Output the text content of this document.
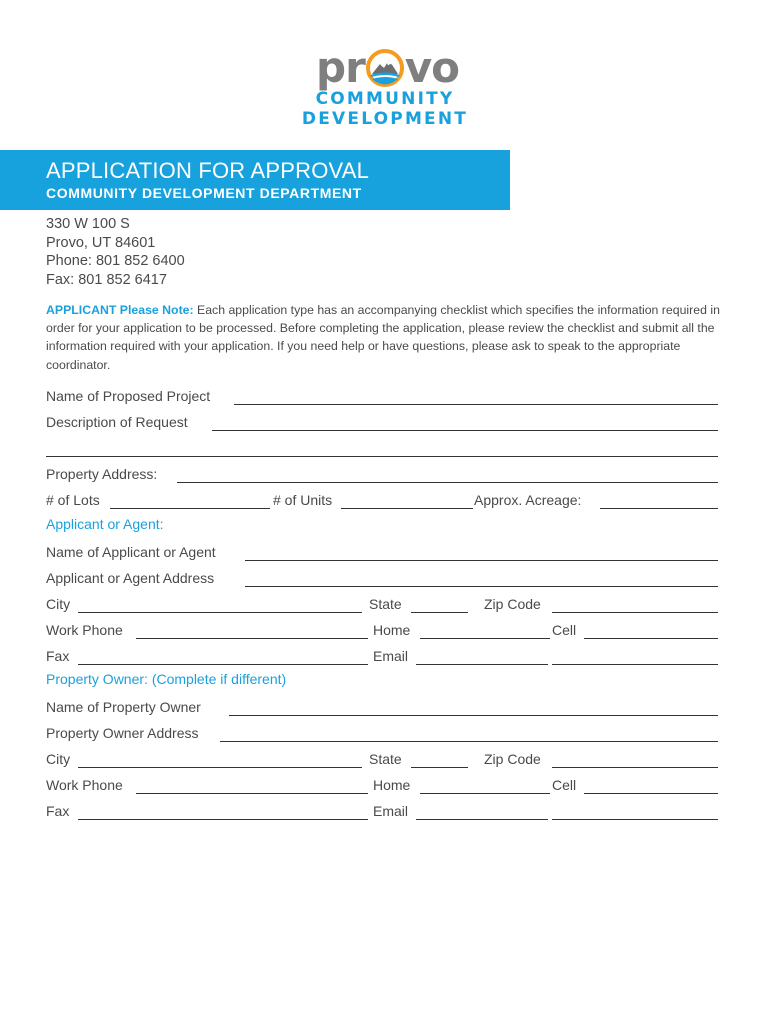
pr vo
COMMUNITY
DEVELOPMENT
APPLICATION FOR APPROVAL
COMMUNITY DEVELOPMENT DEPARTMENT
330 W 100 S
Provo, UT 84601
Phone: 801 852 6400
Fax: 801 852 6417
APPLICANT Please Note: Each application type has an accompanying checklist which specifies the information required in order for your application to be processed. Before completing the application, please review the checklist and submit all the information required with your application. If you need help or have questions, please ask to speak to the appropriate coordinator.
Name of Proposed Project
Description of Request
Property Address:
# of Lots	# of Units	Approx. Acreage:
Applicant or Agent:
Name of Applicant or Agent
Applicant or Agent Address
City	State	Zip Code
Work Phone	Home	Cell
Fax	Email
Property Owner: (Complete if different)
Name of Property Owner
Property Owner Address
City	State	Zip Code
Work Phone	Home	Cell
Fax	Email
